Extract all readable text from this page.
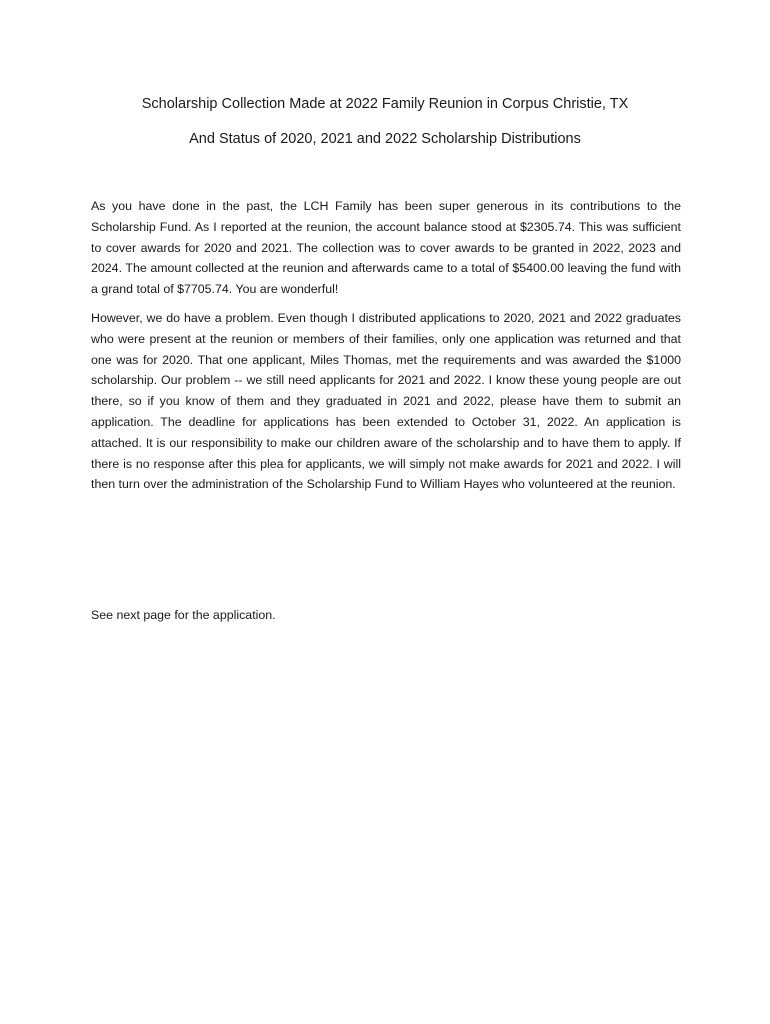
Scholarship Collection Made at 2022 Family Reunion in Corpus Christie, TX
And Status of 2020, 2021 and 2022 Scholarship Distributions

As you have done in the past, the LCH Family has been super generous in its contributions to the Scholarship Fund. As I reported at the reunion, the account balance stood at $2305.74. This was sufficient to cover awards for 2020 and 2021. The collection was to cover awards to be granted in 2022, 2023 and 2024. The amount collected at the reunion and afterwards came to a total of $5400.00 leaving the fund with a grand total of $7705.74. You are wonderful!

However, we do have a problem. Even though I distributed applications to 2020, 2021 and 2022 graduates who were present at the reunion or members of their families, only one application was returned and that one was for 2020. That one applicant, Miles Thomas, met the requirements and was awarded the $1000 scholarship. Our problem -- we still need applicants for 2021 and 2022. I know these young people are out there, so if you know of them and they graduated in 2021 and 2022, please have them to submit an application. The deadline for applications has been extended to October 31, 2022. An application is attached. It is our responsibility to make our children aware of the scholarship and to have them to apply. If there is no response after this plea for applicants, we will simply not make awards for 2021 and 2022. I will then turn over the administration of the Scholarship Fund to William Hayes who volunteered at the reunion.

See next page for the application.
